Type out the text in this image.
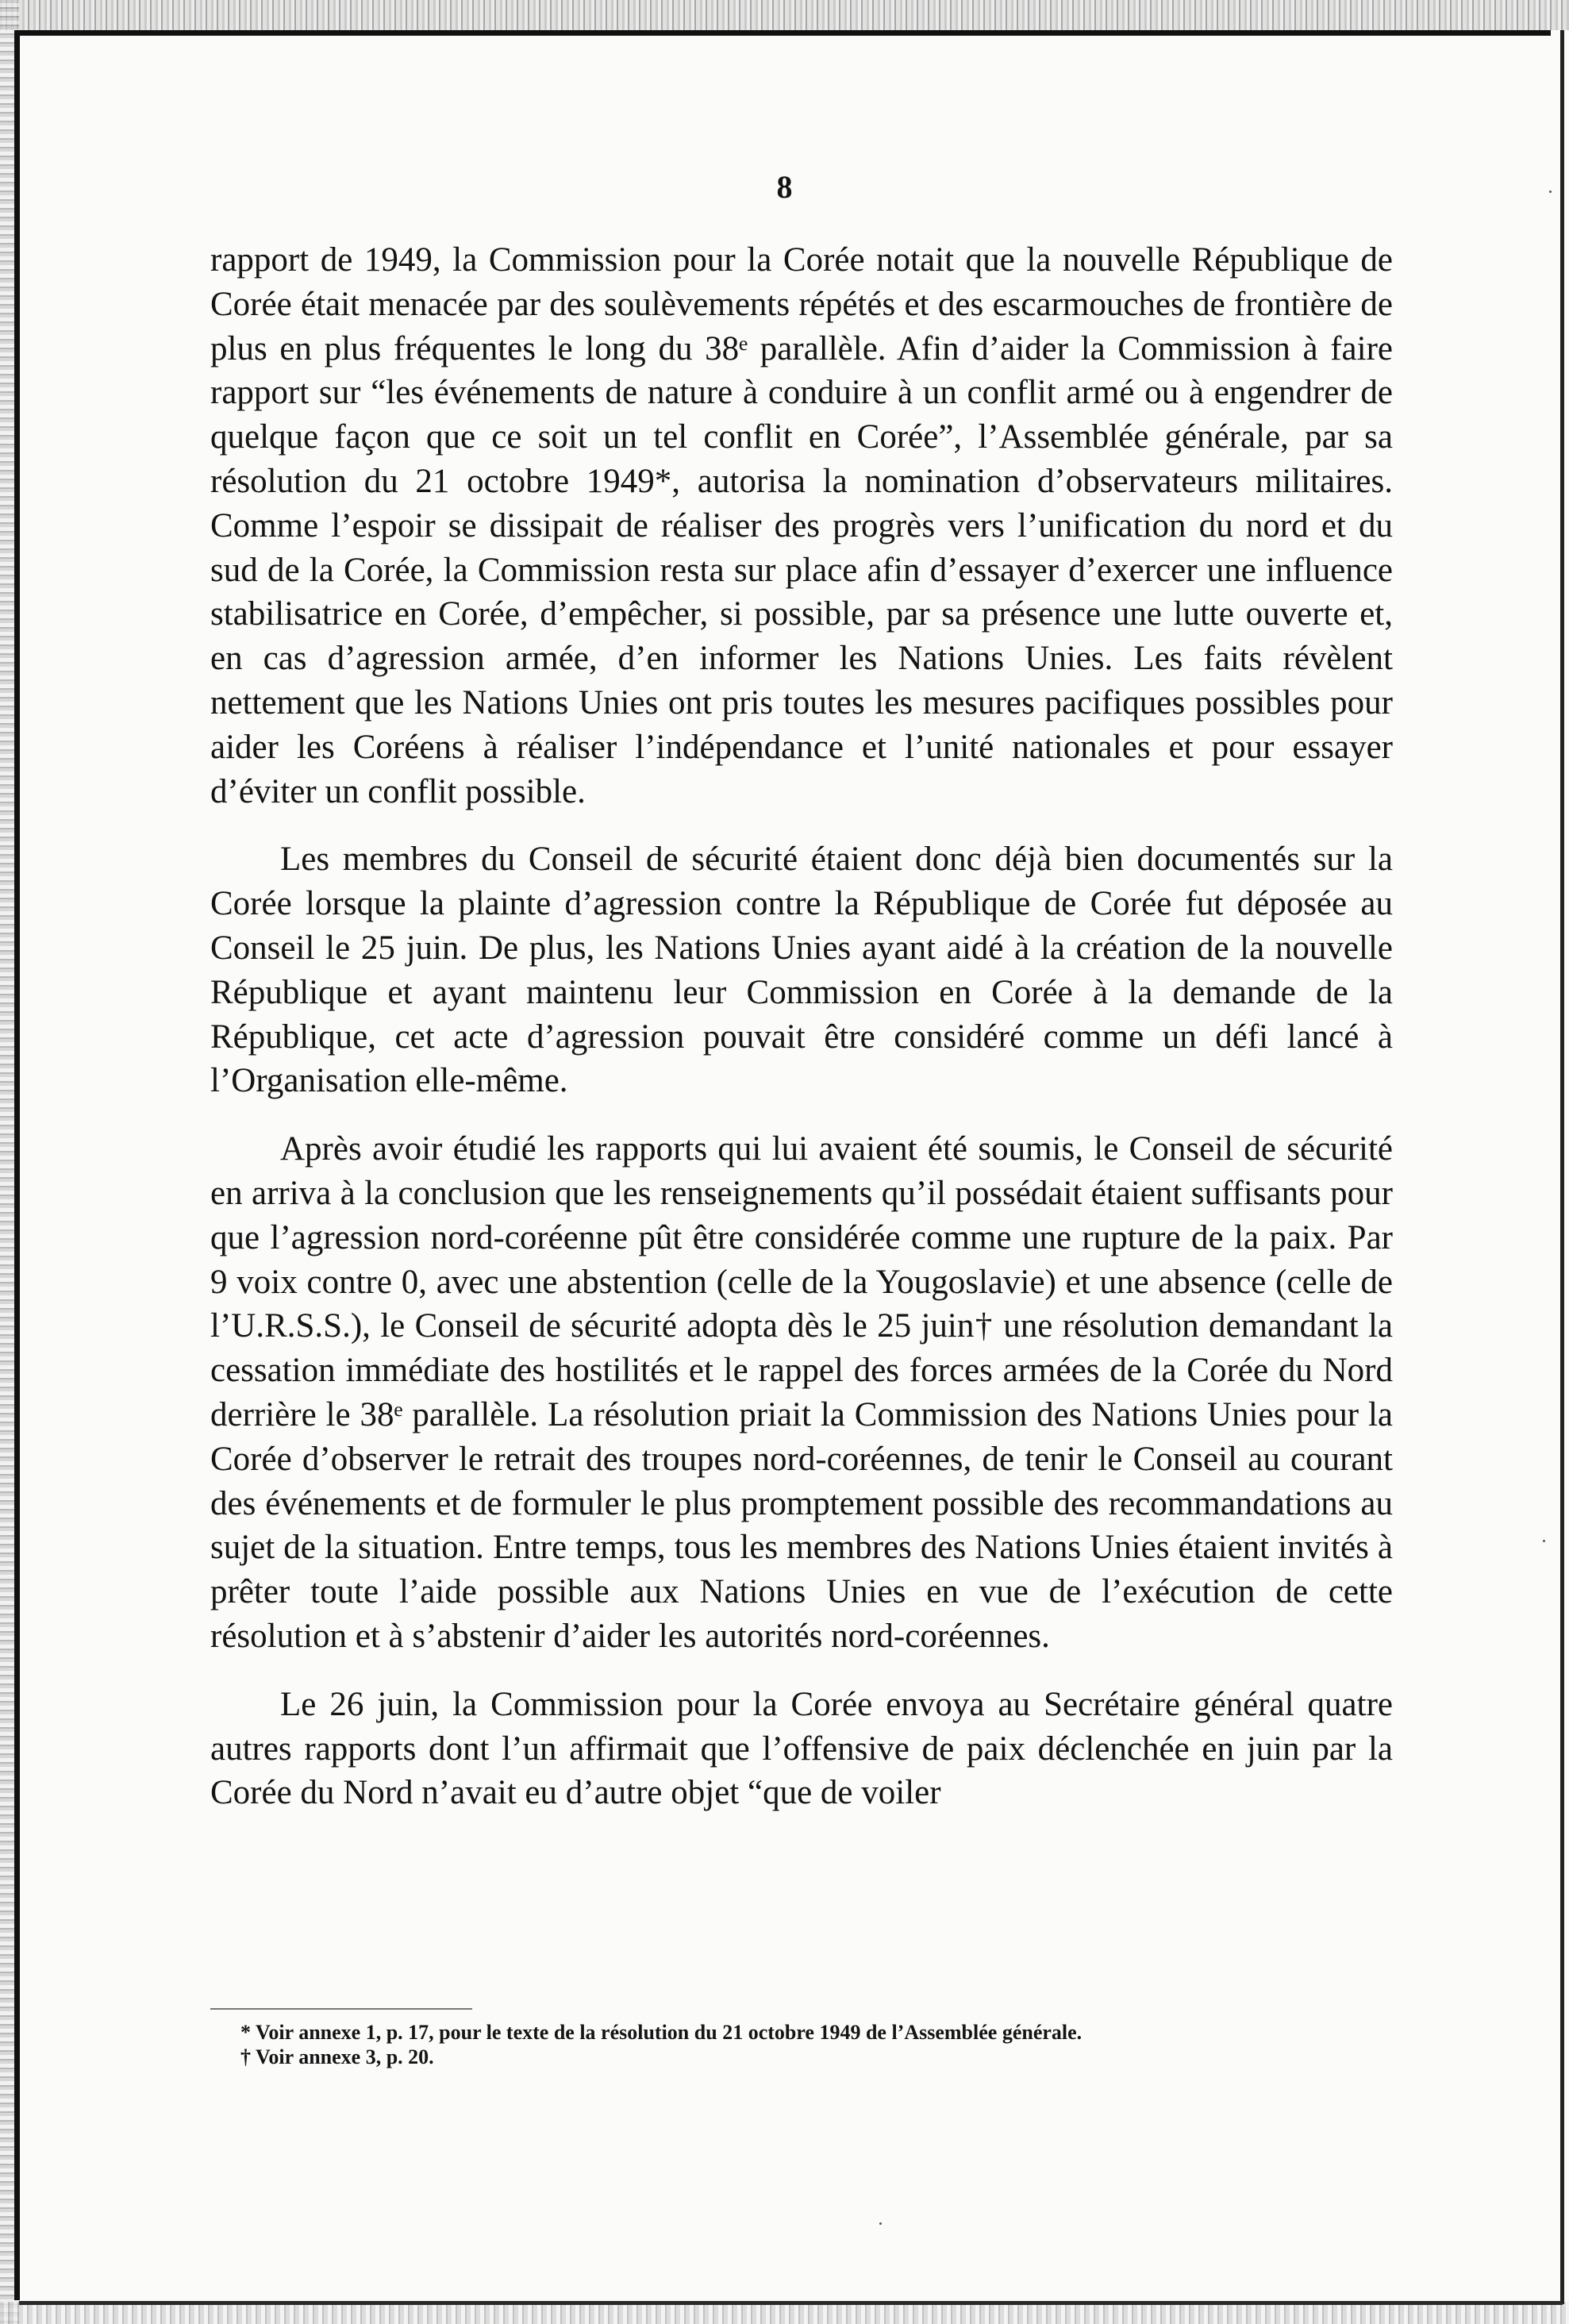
8

rapport de 1949, la Commission pour la Corée notait que la nouvelle République de Corée était menacée par des soulèvements répétés et des escarmouches de frontière de plus en plus fréquentes le long du 38ᵉ parallèle. Afin d’aider la Commission à faire rapport sur “les événements de nature à conduire à un conflit armé ou à engendrer de quelque façon que ce soit un tel conflit en Corée”, l’Assemblée générale, par sa résolution du 21 octobre 1949*, autorisa la nomination d’observateurs militaires. Comme l’espoir se dissipait de réaliser des progrès vers l’unification du nord et du sud de la Corée, la Commission resta sur place afin d’essayer d’exercer une influence stabilisatrice en Corée, d’empêcher, si possible, par sa présence une lutte ouverte et, en cas d’agression armée, d’en informer les Nations Unies. Les faits révèlent nettement que les Nations Unies ont pris toutes les mesures pacifiques possibles pour aider les Coréens à réaliser l’indépendance et l’unité nationales et pour essayer d’éviter un conflit possible.

Les membres du Conseil de sécurité étaient donc déjà bien documentés sur la Corée lorsque la plainte d’agression contre la République de Corée fut déposée au Conseil le 25 juin. De plus, les Nations Unies ayant aidé à la création de la nouvelle République et ayant maintenu leur Commission en Corée à la demande de la République, cet acte d’agression pouvait être considéré comme un défi lancé à l’Organisation elle-même.

Après avoir étudié les rapports qui lui avaient été soumis, le Conseil de sécurité en arriva à la conclusion que les renseignements qu’il possédait étaient suffisants pour que l’agression nord-coréenne pût être considérée comme une rupture de la paix. Par 9 voix contre 0, avec une abstention (celle de la Yougoslavie) et une absence (celle de l’U.R.S.S.), le Conseil de sécurité adopta dès le 25 juin† une résolution demandant la cessation immédiate des hostilités et le rappel des forces armées de la Corée du Nord derrière le 38ᵉ parallèle. La résolution priait la Commission des Nations Unies pour la Corée d’observer le retrait des troupes nord-coréennes, de tenir le Conseil au courant des événements et de formuler le plus promptement possible des recommandations au sujet de la situation. Entre temps, tous les membres des Nations Unies étaient invités à prêter toute l’aide possible aux Nations Unies en vue de l’exécution de cette résolution et à s’abstenir d’aider les autorités nord-coréennes.

Le 26 juin, la Commission pour la Corée envoya au Secrétaire général quatre autres rapports dont l’un affirmait que l’offensive de paix déclenchée en juin par la Corée du Nord n’avait eu d’autre objet “que de voiler

* Voir annexe 1, p. 17, pour le texte de la résolution du 21 octobre 1949 de l’Assemblée générale.

† Voir annexe 3, p. 20.
